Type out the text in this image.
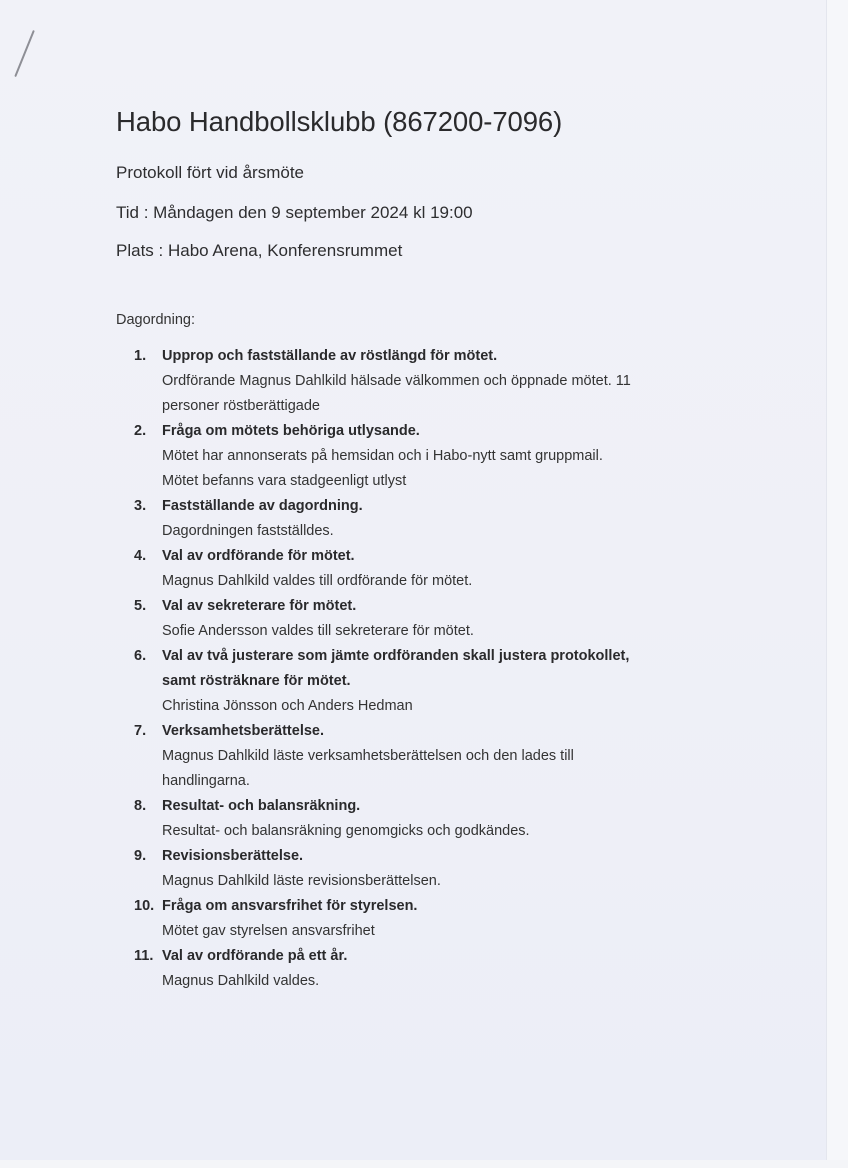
Habo Handbollsklubb (867200-7096)
Protokoll fört vid årsmöte
Tid : Måndagen den 9 september 2024 kl 19:00
Plats : Habo Arena, Konferensrummet
Dagordning:
1. Upprop och fastställande av röstlängd för mötet.
Ordförande Magnus Dahlkild hälsade välkommen och öppnade mötet. 11
personer röstberättigade
2. Fråga om mötets behöriga utlysande.
Mötet har annonserats på hemsidan och i Habo-nytt samt gruppmail.
Mötet befanns vara stadgeenligt utlyst
3. Fastställande av dagordning.
Dagordningen fastställdes.
4. Val av ordförande för mötet.
Magnus Dahlkild valdes till ordförande för mötet.
5. Val av sekreterare för mötet.
Sofie Andersson valdes till sekreterare för mötet.
6. Val av två justerare som jämte ordföranden skall justera protokollet,
samt rösträknare för mötet.
Christina Jönsson och Anders Hedman
7. Verksamhetsberättelse.
Magnus Dahlkild läste verksamhetsberättelsen och den lades till
handlingarna.
8. Resultat- och balansräkning.
Resultat- och balansräkning genomgicks och godkändes.
9. Revisionsberättelse.
Magnus Dahlkild läste revisionsberättelsen.
10. Fråga om ansvarsfrihet för styrelsen.
Mötet gav styrelsen ansvarsfrihet
11. Val av ordförande på ett år.
Magnus Dahlkild valdes.
